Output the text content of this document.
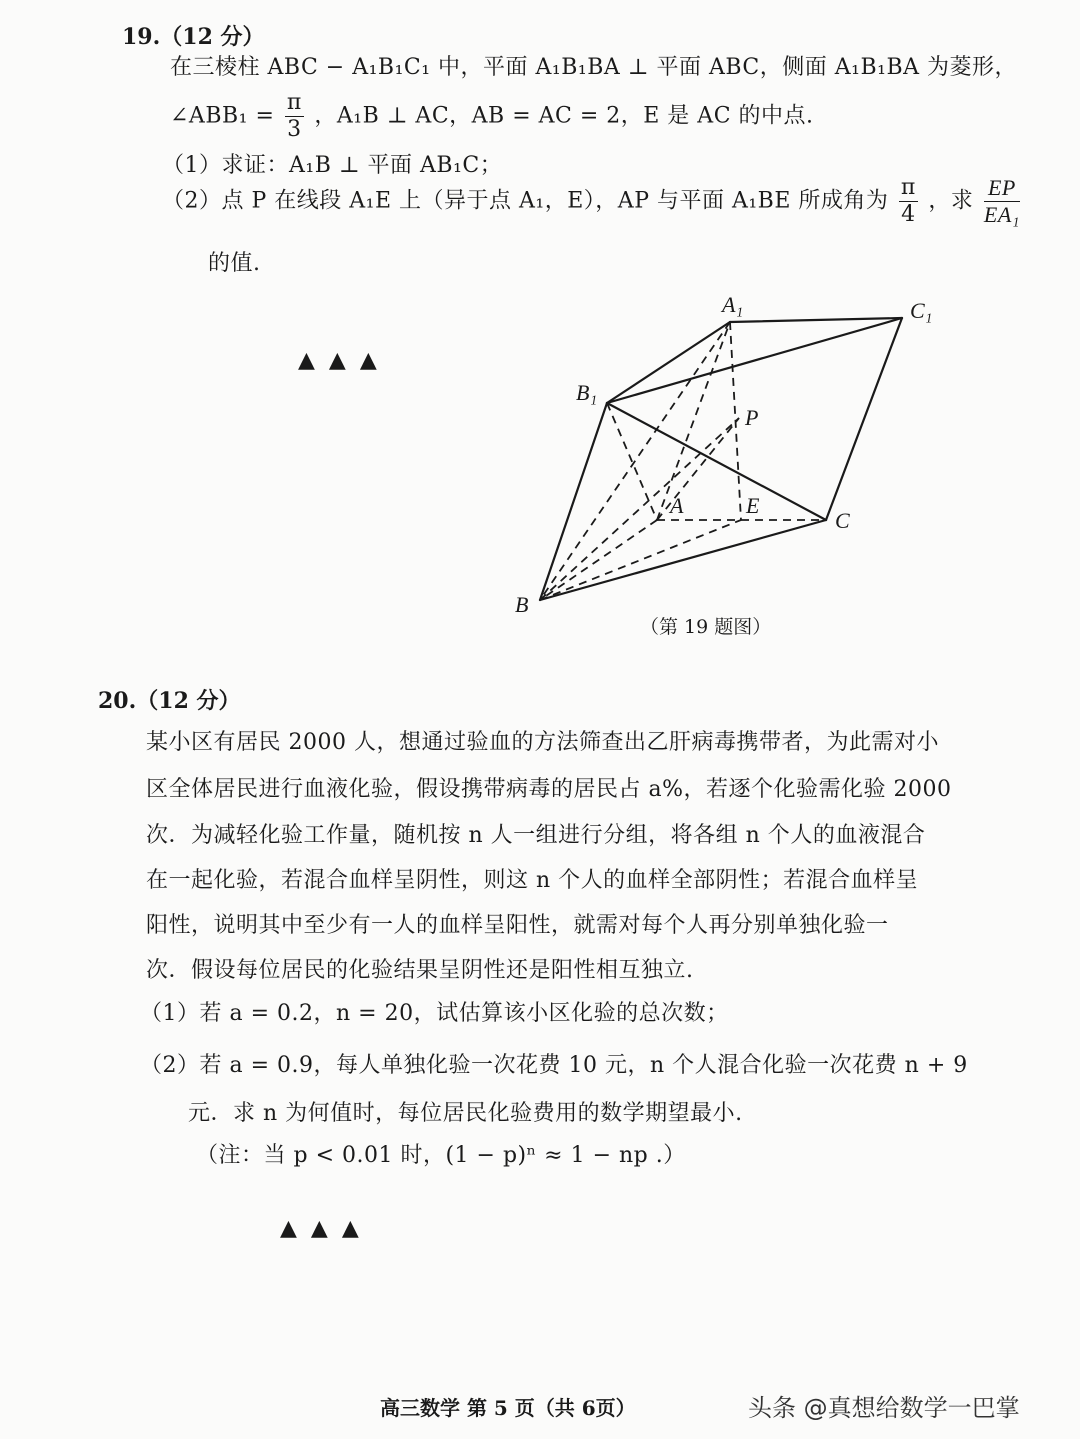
19.（12 分）
在三棱柱 ABC − A₁B₁C₁ 中，平面 A₁B₁BA ⊥ 平面 ABC，侧面 A₁B₁BA 为菱形，
∠ABB₁ = $\frac{\pi}{3}$ ，A₁B ⊥ AC，AB = AC = 2，E 是 AC 的中点.
（1）求证：A₁B ⊥ 平面 AB₁C；
（2）点 P 在线段 A₁E 上（异于点 A₁，E），AP 与平面 A₁BE 所成角为 $\frac{\pi}{4}$ ，求 $\frac{EP}{\text{EA₁}}$
的值.
▲▲▲
A₁	C₁
B₁
P
A	E
C
B
（第 19 题图）
20.（12 分）
某小区有居民 2000 人，想通过验血的方法筛查出乙肝病毒携带者，为此需对小
区全体居民进行血液化验，假设携带病毒的居民占 a%，若逐个化验需化验 2000
次．为减轻化验工作量，随机按 n 人一组进行分组，将各组 n 个人的血液混合
在一起化验，若混合血样呈阴性，则这 n 个人的血样全部阴性；若混合血样呈
阳性，说明其中至少有一人的血样呈阳性，就需对每个人再分别单独化验一
次．假设每位居民的化验结果呈阴性还是阳性相互独立.
（1）若 a = 0.2，n = 20，试估算该小区化验的总次数；
（2）若 a = 0.9，每人单独化验一次花费 10 元，n 个人混合化验一次花费 n + 9
元．求 n 为何值时，每位居民化验费用的数学期望最小.
（注：当 p < 0.01 时，(1 − p)ⁿ ≈ 1 − np .）
▲▲▲
高三数学 第 5 页（共 6页）	头条 @真想给数学一巴掌
